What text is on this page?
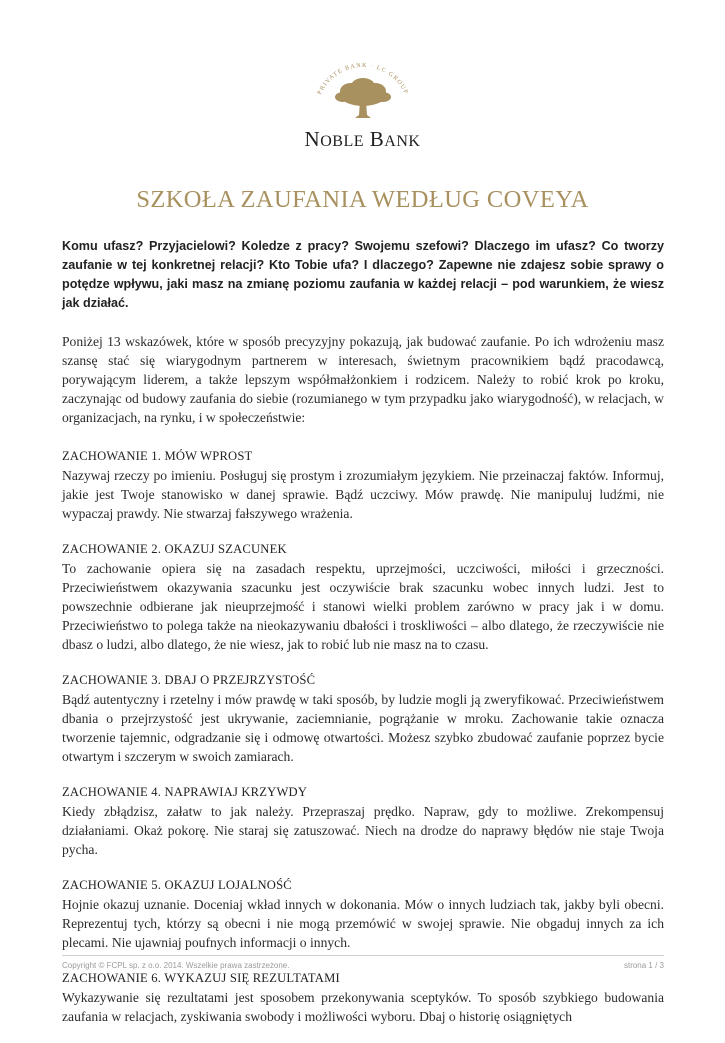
PRIVATE BANK · LC GROUP
NOBLE BANK
SZKOŁA ZAUFANIA WEDŁUG COVEYA

Komu ufasz? Przyjacielowi? Koledze z pracy? Swojemu szefowi? Dlaczego im ufasz? Co tworzy zaufanie w tej konkretnej relacji? Kto Tobie ufa? I dlaczego? Zapewne nie zdajesz sobie sprawy o potędze wpływu, jaki masz na zmianę poziomu zaufania w każdej relacji – pod warunkiem, że wiesz jak działać.

Poniżej 13 wskazówek, które w sposób precyzyjny pokazują, jak budować zaufanie. Po ich wdrożeniu masz szansę stać się wiarygodnym partnerem w interesach, świetnym pracownikiem bądź pracodawcą, porywającym liderem, a także lepszym współmałżonkiem i rodzicem. Należy to robić krok po kroku, zaczynając od budowy zaufania do siebie (rozumianego w tym przypadku jako wiarygodność), w relacjach, w organizacjach, na rynku, i w społeczeństwie:

ZACHOWANIE 1. MÓW WPROST

Nazywaj rzeczy po imieniu. Posługuj się prostym i zrozumiałym językiem. Nie przeinaczaj faktów. Informuj, jakie jest Twoje stanowisko w danej sprawie. Bądź uczciwy. Mów prawdę. Nie manipuluj ludźmi, nie wypaczaj prawdy. Nie stwarzaj fałszywego wrażenia.

ZACHOWANIE 2. OKAZUJ SZACUNEK

To zachowanie opiera się na zasadach respektu, uprzejmości, uczciwości, miłości i grzeczności. Przeciwieństwem okazywania szacunku jest oczywiście brak szacunku wobec innych ludzi. Jest to powszechnie odbierane jak nieuprzejmość i stanowi wielki problem zarówno w pracy jak i w domu. Przeciwieństwo to polega także na nieokazywaniu dbałości i troskliwości – albo dlatego, że rzeczywiście nie dbasz o ludzi, albo dlatego, że nie wiesz, jak to robić lub nie masz na to czasu.

ZACHOWANIE 3. DBAJ O PRZEJRZYSTOŚĆ

Bądź autentyczny i rzetelny i mów prawdę w taki sposób, by ludzie mogli ją zweryfikować. Przeciwieństwem dbania o przejrzystość jest ukrywanie, zaciemnianie, pogrążanie w mroku. Zachowanie takie oznacza tworzenie tajemnic, odgradzanie się i odmowę otwartości. Możesz szybko zbudować zaufanie poprzez bycie otwartym i szczerym w swoich zamiarach.

ZACHOWANIE 4. NAPRAWIAJ KRZYWDY

Kiedy zbłądzisz, załatw to jak należy. Przepraszaj prędko. Napraw, gdy to możliwe. Zrekompensuj działaniami. Okaż pokorę. Nie staraj się zatuszować. Niech na drodze do naprawy błędów nie staje Twoja pycha.

ZACHOWANIE 5. OKAZUJ LOJALNOŚĆ

Hojnie okazuj uznanie. Doceniaj wkład innych w dokonania. Mów o innych ludziach tak, jakby byli obecni. Reprezentuj tych, którzy są obecni i nie mogą przemówić w swojej sprawie. Nie obgaduj innych za ich plecami. Nie ujawniaj poufnych informacji o innych.

ZACHOWANIE 6. WYKAZUJ SIĘ REZULTATAMI

Wykazywanie się rezultatami jest sposobem przekonywania sceptyków. To sposób szybkiego budowania zaufania w relacjach, zyskiwania swobody i możliwości wyboru. Dbaj o historię osiągniętych

Copyright © FCPL sp. z o.o. 2014. Wszelkie prawa zastrzeżone.	strona 1 / 3
